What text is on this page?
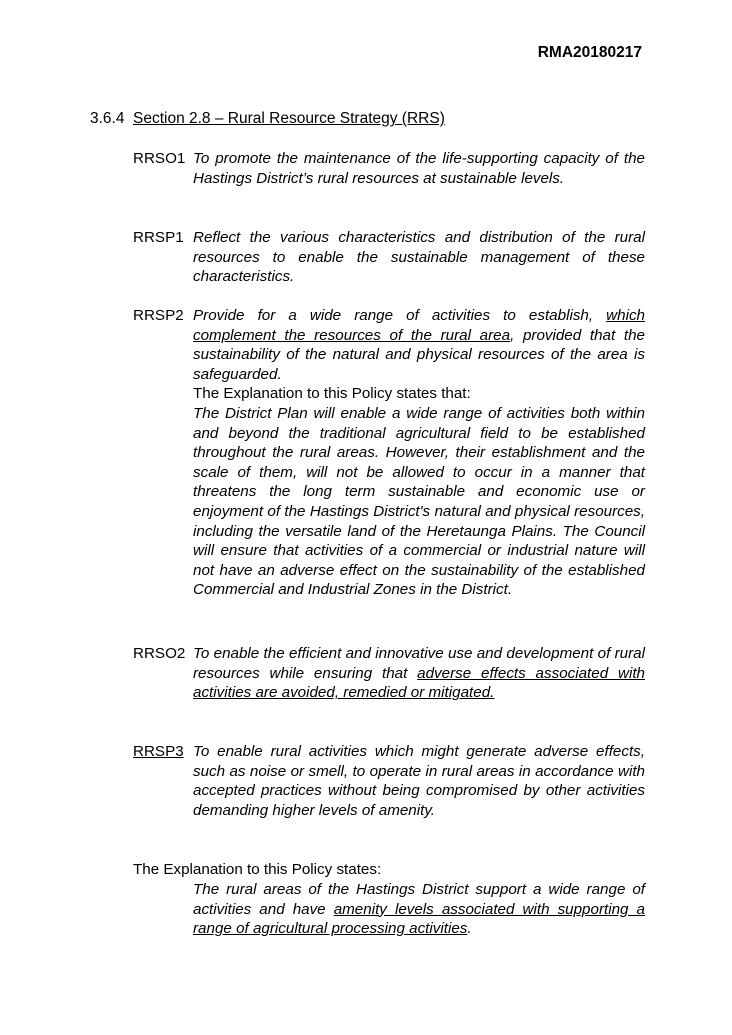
RMA20180217
3.6.4 Section 2.8 – Rural Resource Strategy (RRS)
RRSO1 To promote the maintenance of the life-supporting capacity of the Hastings District’s rural resources at sustainable levels.
RRSP1 Reflect the various characteristics and distribution of the rural resources to enable the sustainable management of these characteristics.
RRSP2 Provide for a wide range of activities to establish, which complement the resources of the rural area, provided that the sustainability of the natural and physical resources of the area is safeguarded.

The Explanation to this Policy states that:

The District Plan will enable a wide range of activities both within and beyond the traditional agricultural field to be established throughout the rural areas. However, their establishment and the scale of them, will not be allowed to occur in a manner that threatens the long term sustainable and economic use or enjoyment of the Hastings District's natural and physical resources, including the versatile land of the Heretaunga Plains. The Council will ensure that activities of a commercial or industrial nature will not have an adverse effect on the sustainability of the established Commercial and Industrial Zones in the District.

RRSO2 To enable the efficient and innovative use and development of rural resources while ensuring that adverse effects associated with activities are avoided, remedied or mitigated.
RRSP3 To enable rural activities which might generate adverse effects, such as noise or smell, to operate in rural areas in accordance with accepted practices without being compromised by other activities demanding higher levels of amenity.
The Explanation to this Policy states:
The rural areas of the Hastings District support a wide range of activities and have amenity levels associated with supporting a range of agricultural processing activities.
